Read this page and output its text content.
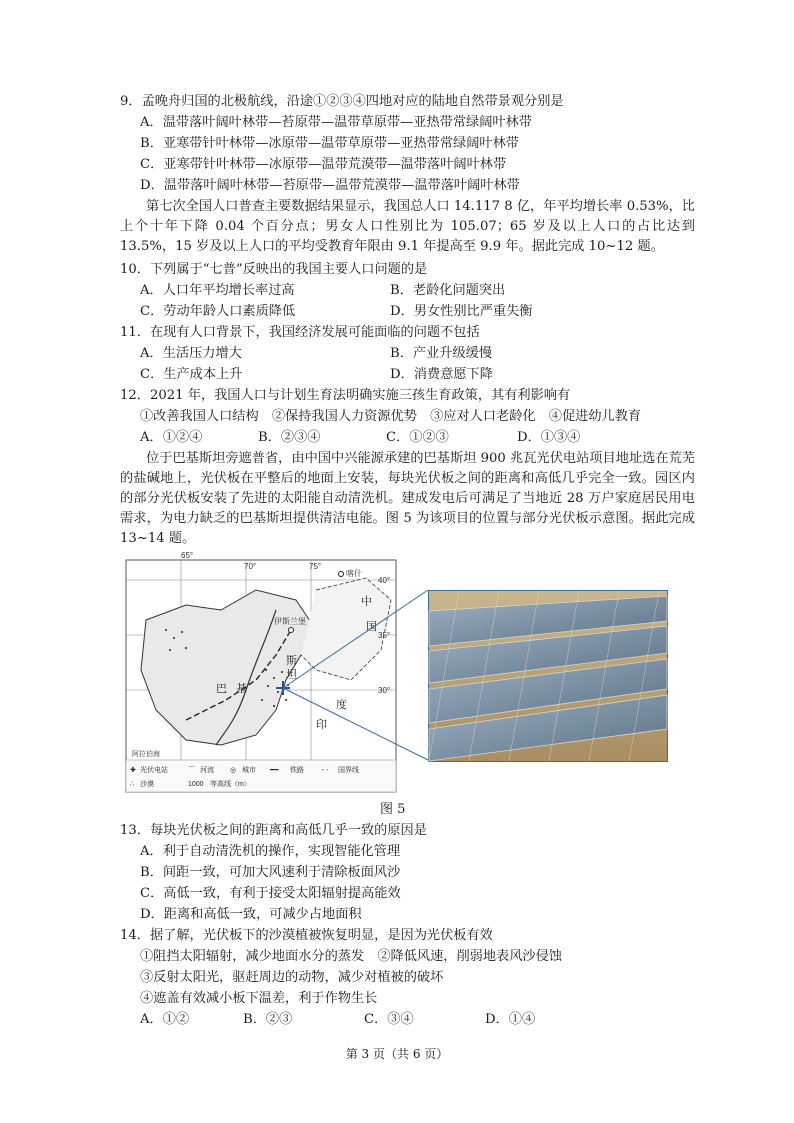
9．孟晚舟归国的北极航线，沿途①②③④四地对应的陆地自然带景观分别是
A．温带落叶阔叶林带—苔原带—温带草原带—亚热带常绿阔叶林带
B．亚寒带针叶林带—冰原带—温带草原带—亚热带常绿阔叶林带
C．亚寒带针叶林带—冰原带—温带荒漠带—温带落叶阔叶林带
D．温带落叶阔叶林带—苔原带—温带荒漠带—温带落叶阔叶林带
第七次全国人口普查主要数据结果显示，我国总人口 14.117 8 亿，年平均增长率 0.53%，比上个十年下降 0.04 个百分点；男女人口性别比为 105.07；65 岁及以上人口的占比达到 13.5%，15 岁及以上人口的平均受教育年限由 9.1 年提高至 9.9 年。据此完成 10~12 题。
10．下列属于“七普”反映出的我国主要人口问题的是
A．人口年平均增长率过高	B．老龄化问题突出
C．劳动年龄人口素质降低	D．男女性别比严重失衡
11．在现有人口背景下，我国经济发展可能面临的问题不包括
A．生活压力增大	B．产业升级缓慢
C．生产成本上升	D．消费意愿下降
12．2021 年，我国人口与计划生育法明确实施三孩生育政策，其有利影响有
①改善我国人口结构　②保持我国人力资源优势　③应对人口老龄化　④促进幼儿教育
A．①②④	B．②③④	C．①②③	D．①③④
位于巴基斯坦旁遮普省，由中国中兴能源承建的巴基斯坦 900 兆瓦光伏电站项目地址选在荒芜的盐碱地上，光伏板在平整后的地面上安装，每块光伏板之间的距离和高低几乎完全一致。园区内的部分光伏板安装了先进的太阳能自动清洗机。建成发电后可满足了当地近 28 万户家庭居民用电需求，为电力缺乏的巴基斯坦提供清洁电能。图 5 为该项目的位置与部分光伏板示意图。据此完成 13~14 题。
65°
70°	75°
40°
35°
30°
喀什
伊斯兰堡
阿拉伯海
中
国
巴 基
斯
坦
印
度
✚ 光伏电站	⌒ 河流 ◎ 城市 ━━ 铁路	- - 国界线
∴ 沙漠	1000 等高线（m）
图 5
13．每块光伏板之间的距离和高低几乎一致的原因是
A．利于自动清洗机的操作，实现智能化管理
B．间距一致，可加大风速利于清除板面风沙
C．高低一致，有利于接受太阳辐射提高能效
D．距离和高低一致，可减少占地面积
14．据了解，光伏板下的沙漠植被恢复明显，是因为光伏板有效
①阻挡太阳辐射，减少地面水分的蒸发　②降低风速，削弱地表风沙侵蚀
③反射太阳光，驱赶周边的动物，减少对植被的破坏
④遮盖有效减小板下温差，利于作物生长
A．①②	B．②③	C．③④	D．①④
第 3 页（共 6 页）
